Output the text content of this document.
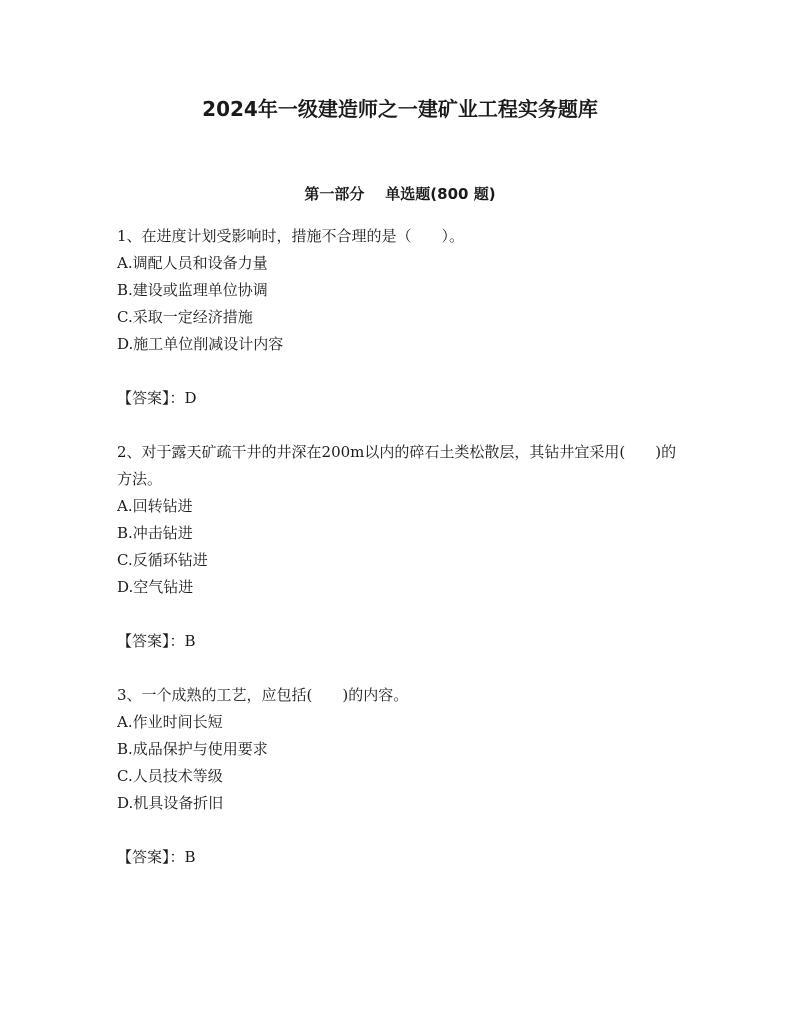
2024年一级建造师之一建矿业工程实务题库
第一部分    单选题(800 题)

1、在进度计划受影响时，措施不合理的是（　　）。

A.调配人员和设备力量

B.建设或监理单位协调

C.采取一定经济措施

D.施工单位削减设计内容

【答案】：D

2、对于露天矿疏干井的井深在200m以内的碎石土类松散层，其钻井宜采用(　　)的方法。

A.回转钻进

B.冲击钻进

C.反循环钻进

D.空气钻进

【答案】：B

3、一个成熟的工艺，应包括(　　)的内容。

A.作业时间长短

B.成品保护与使用要求

C.人员技术等级

D.机具设备折旧

【答案】：B
